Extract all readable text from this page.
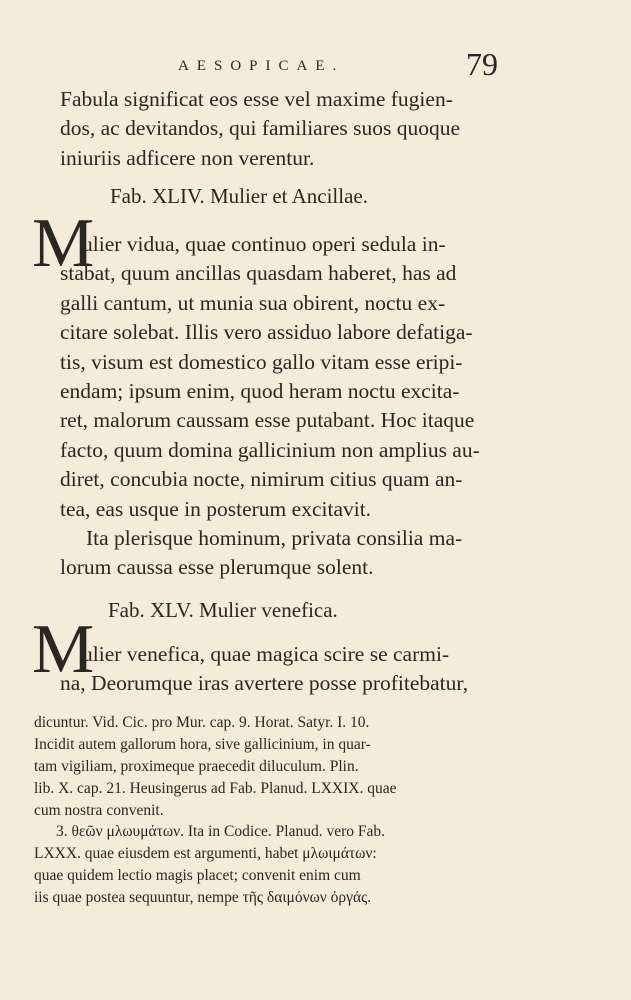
AESOPICAE.	79
Fabula significat eos esse vel maxime fugien-
dos, ac devitandos, qui familiares suos quoque
iniuriis adficere non verentur.
Fab. XLIV. Mulier et Ancillae.
M
ulier vidua, quae continuo operi sedula in-
stabat, quum ancillas quasdam haberet, has ad
galli cantum, ut munia sua obirent, noctu ex-
citare solebat. Illis vero assiduo labore defatiga-
tis, visum est domestico gallo vitam esse eripi-
endam; ipsum enim, quod heram noctu excita-
ret, malorum caussam esse putabant. Hoc itaque
facto, quum domina gallicinium non amplius au-
diret, concubia nocte, nimirum citius quam an-
tea, eas usque in posterum excitavit.
Ita plerisque hominum, privata consilia ma-
lorum caussa esse plerumque solent.
Fab. XLV. Mulier venefica.
M
ulier venefica, quae magica scire se carmi-
na, Deorumque iras avertere posse profitebatur,
dicuntur. Vid. Cic. pro Mur. cap. 9. Horat. Satyr. I. 10.
Incidit autem gallorum hora, sive gallicinium, in quar-
tam vigiliam, proximeque praecedit diluculum. Plin.
lib. X. cap. 21. Heusingerus ad Fab. Planud. LXXIX. quae
cum nostra convenit.
3. θεῶν μλωυμάτων. Ita in Codice. Planud. vero Fab.
LXXX. quae eiusdem est argumenti, habet μλωιμάτων:
quae quidem lectio magis placet; convenit enim cum
iis quae postea sequuntur, nempe τῆς δαιμόνων ὀργάς.
